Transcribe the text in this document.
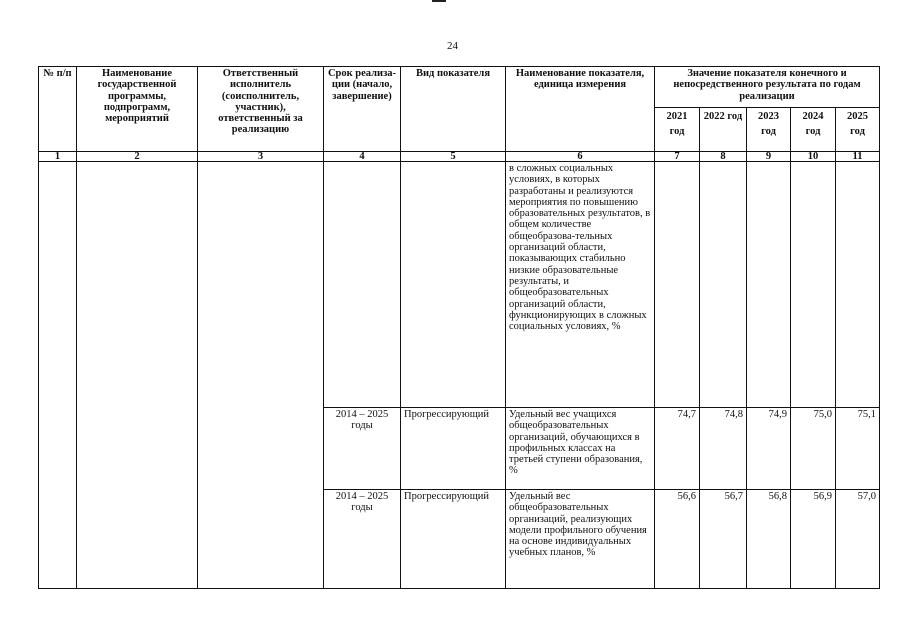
24
№ п/п	Наименование государственной программы, подпрограмм, мероприятий	Ответственный исполнитель (соисполнитель, участник), ответственный за реализацию	Срок реализа-ции (начало, завершение)	Вид показателя	Наименование показателя, единица измерения	Значение показателя конечного и непосредственного результата по годам реализации				
						2021 год	2022 год	2023 год	2024 год	2025 год
1	2	3	4	5	6	7	8	9	10	11
					в сложных социальных условиях, в которых разработаны и реализуются мероприятия по повышению образовательных результатов, в общем количестве общеобразова-тельных организаций области, показывающих стабильно низкие образовательные результаты, и общеобразовательных организаций области, функционирующих в сложных социальных условиях, %					
			2014 – 2025 годы	Прогрессирующий	Удельный вес учащихся общеобразовательных организаций, обучающихся в профильных классах на третьей ступени образования, %	74,7	74,8	74,9	75,0	75,1
			2014 – 2025 годы	Прогрессирующий	Удельный вес общеобразовательных организаций, реализующих модели профильного обучения на основе индивидуальных учебных планов, %	56,6	56,7	56,8	56,9	57,0
